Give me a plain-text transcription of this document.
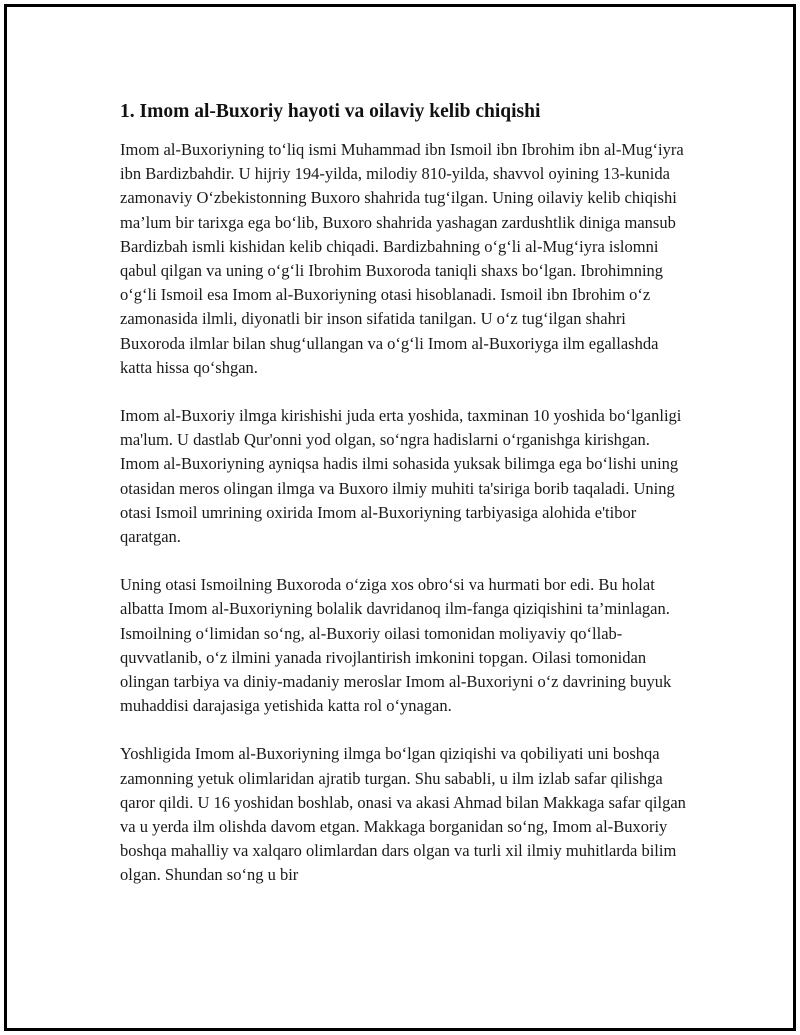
1. Imom al-Buxoriy hayoti va oilaviy kelib chiqishi

Imom al-Buxoriyning to‘liq ismi Muhammad ibn Ismoil ibn Ibrohim ibn al-Mug‘iyra ibn Bardizbahdir. U hijriy 194-yilda, milodiy 810-yilda, shavvol oyining 13-kunida zamonaviy O‘zbekistonning Buxoro shahrida tug‘ilgan. Uning oilaviy kelib chiqishi ma’lum bir tarixga ega bo‘lib, Buxoro shahrida yashagan zardushtlik diniga mansub Bardizbah ismli kishidan kelib chiqadi. Bardizbahning o‘g‘li al-Mug‘iyra islomni qabul qilgan va uning o‘g‘li Ibrohim Buxoroda taniqli shaxs bo‘lgan. Ibrohimning o‘g‘li Ismoil esa Imom al-Buxoriyning otasi hisoblanadi. Ismoil ibn Ibrohim o‘z zamonasida ilmli, diyonatli bir inson sifatida tanilgan. U o‘z tug‘ilgan shahri Buxoroda ilmlar bilan shug‘ullangan va o‘g‘li Imom al-Buxoriyga ilm egallashda katta hissa qo‘shgan.

Imom al-Buxoriy ilmga kirishishi juda erta yoshida, taxminan 10 yoshida bo‘lganligi ma'lum. U dastlab Qur'onni yod olgan, so‘ngra hadislarni o‘rganishga kirishgan. Imom al-Buxoriyning ayniqsa hadis ilmi sohasida yuksak bilimga ega bo‘lishi uning otasidan meros olingan ilmga va Buxoro ilmiy muhiti ta'siriga borib taqaladi. Uning otasi Ismoil umrining oxirida Imom al-Buxoriyning tarbiyasiga alohida e'tibor qaratgan.

Uning otasi Ismoilning Buxoroda o‘ziga xos obro‘si va hurmati bor edi. Bu holat albatta Imom al-Buxoriyning bolalik davridanoq ilm-fanga qiziqishini ta’minlagan. Ismoilning o‘limidan so‘ng, al-Buxoriy oilasi tomonidan moliyaviy qo‘llab-quvvatlanib, o‘z ilmini yanada rivojlantirish imkonini topgan. Oilasi tomonidan olingan tarbiya va diniy-madaniy meroslar Imom al-Buxoriyni o‘z davrining buyuk muhaddisi darajasiga yetishida katta rol o‘ynagan.

Yoshligida Imom al-Buxoriyning ilmga bo‘lgan qiziqishi va qobiliyati uni boshqa zamonning yetuk olimlaridan ajratib turgan. Shu sababli, u ilm izlab safar qilishga qaror qildi. U 16 yoshidan boshlab, onasi va akasi Ahmad bilan Makkaga safar qilgan va u yerda ilm olishda davom etgan. Makkaga borganidan so‘ng, Imom al-Buxoriy boshqa mahalliy va xalqaro olimlardan dars olgan va turli xil ilmiy muhitlarda bilim olgan. Shundan so‘ng u bir
